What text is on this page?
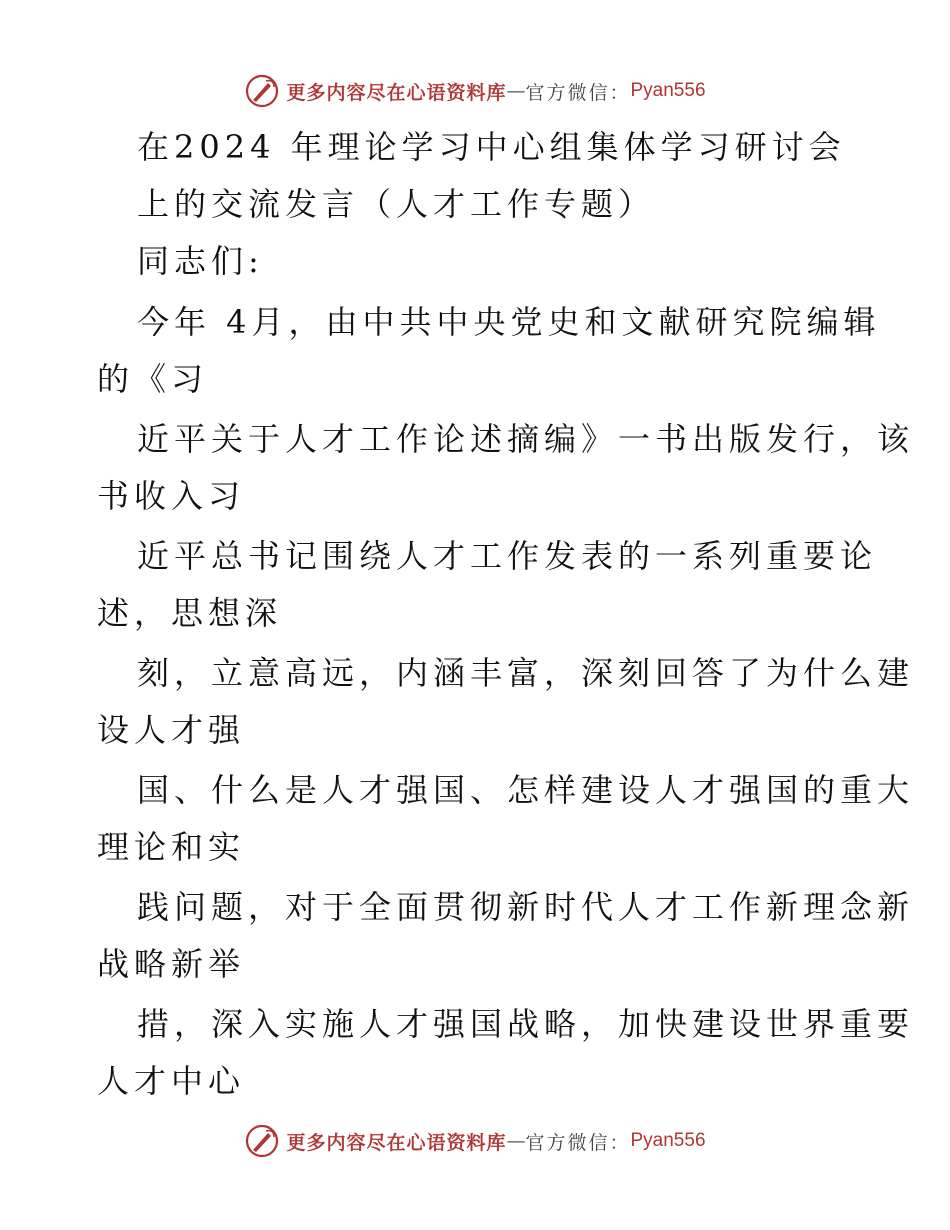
更多内容尽在心语资料库 — 官方微信： Pyan556
在2024 年理论学习中心组集体学习研讨会
上的交流发言（人才工作专题）
同志们:
今年 4月，由中共中央党史和文献研究院编辑
的《习
近平关于人才工作论述摘编》一书出版发行，该
书收入习
近平总书记围绕人才工作发表的一系列重要论
述，思想深
刻，立意高远，内涵丰富，深刻回答了为什么建
设人才强
国、什么是人才强国、怎样建设人才强国的重大
理论和实
践问题，对于全面贯彻新时代人才工作新理念新
战略新举
措，深入实施人才强国战略，加快建设世界重要
人才中心
更多内容尽在心语资料库 — 官方微信： Pyan556
